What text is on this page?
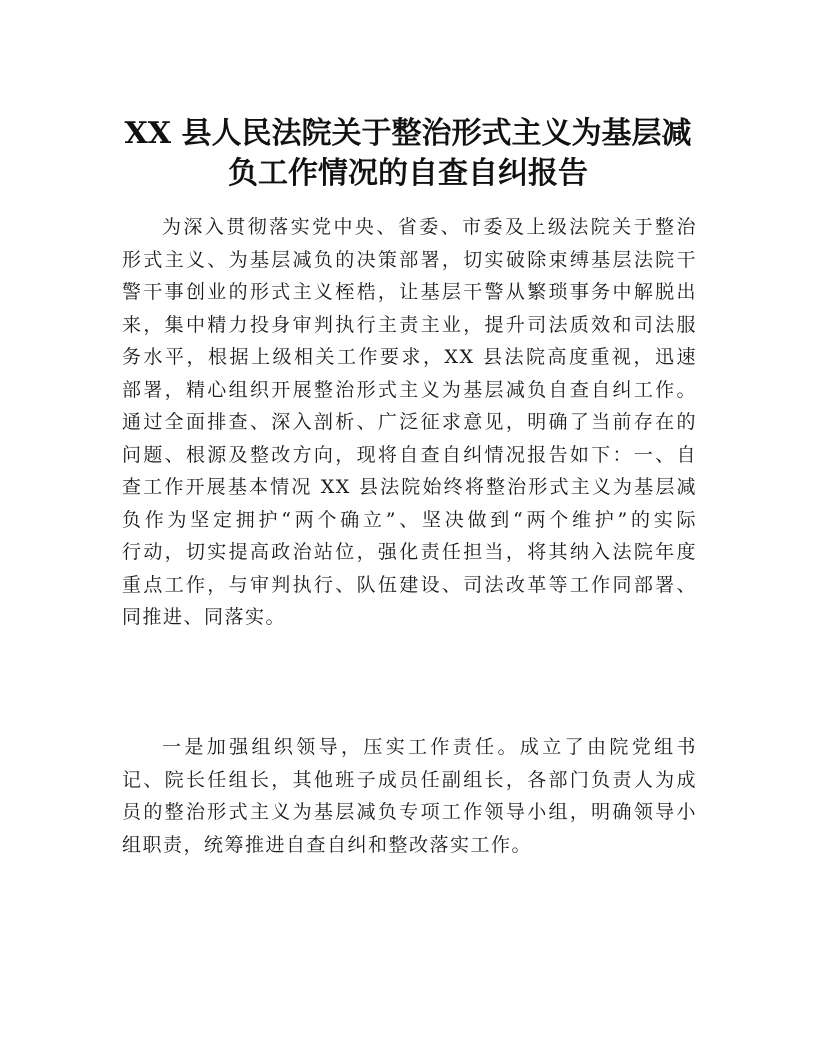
XX 县人民法院关于整治形式主义为基层减
负工作情况的自查自纠报告
为深入贯彻落实党中央、省委、市委及上级法院关于整治
形式主义、为基层减负的决策部署，切实破除束缚基层法院干
警干事创业的形式主义桎梏，让基层干警从繁琐事务中解脱出
来，集中精力投身审判执行主责主业，提升司法质效和司法服
务水平，根据上级相关工作要求，XX 县法院高度重视，迅速
部署，精心组织开展整治形式主义为基层减负自查自纠工作。
通过全面排查、深入剖析、广泛征求意见，明确了当前存在的
问题、根源及整改方向，现将自查自纠情况报告如下：一、自
查工作开展基本情况 XX 县法院始终将整治形式主义为基层减
负作为坚定拥护“两个确立”、坚决做到“两个维护”的实际
行动，切实提高政治站位，强化责任担当，将其纳入法院年度
重点工作，与审判执行、队伍建设、司法改革等工作同部署、
同推进、同落实。
一是加强组织领导，压实工作责任。成立了由院党组书
记、院长任组长，其他班子成员任副组长，各部门负责人为成
员的整治形式主义为基层减负专项工作领导小组，明确领导小
组职责，统筹推进自查自纠和整改落实工作。
